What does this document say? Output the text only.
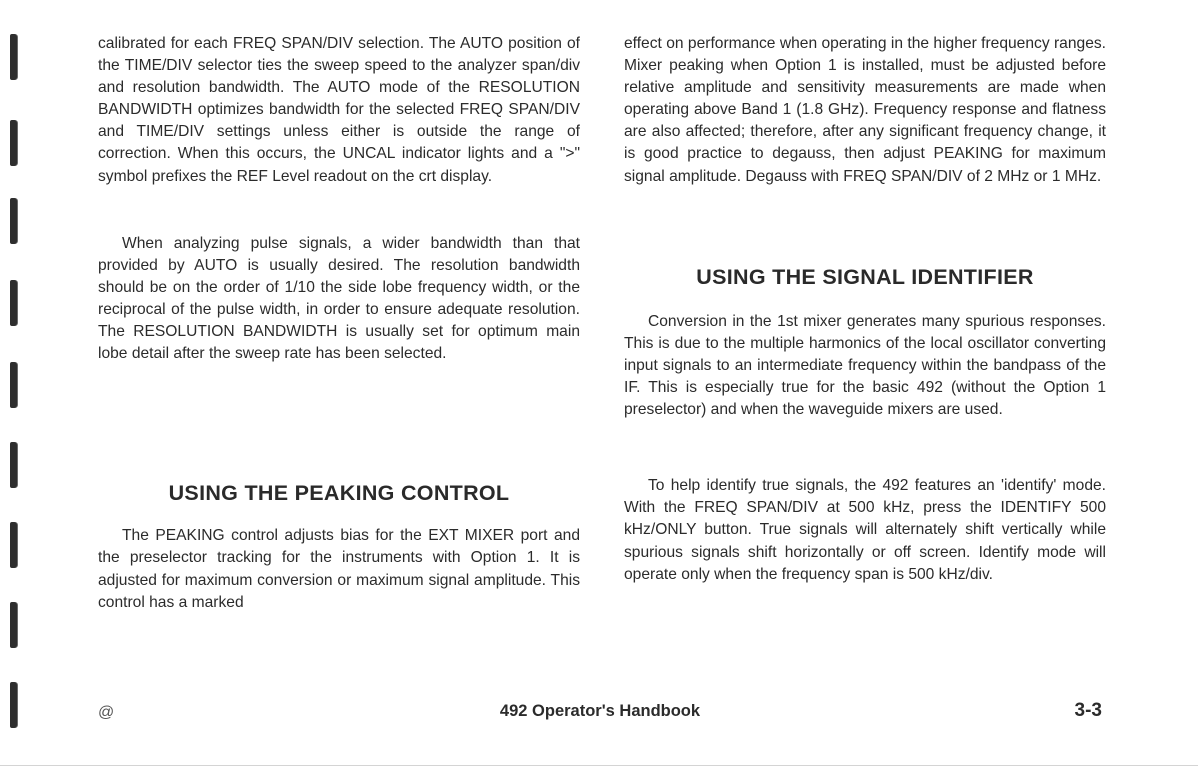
calibrated for each FREQ SPAN/DIV selection. The AUTO position of the TIME/DIV selector ties the sweep speed to the analyzer span/div and resolution bandwidth. The AUTO mode of the RESOLUTION BANDWIDTH optimizes bandwidth for the selected FREQ SPAN/DIV and TIME/DIV settings unless either is outside the range of correction. When this occurs, the UNCAL indicator lights and a ">" symbol prefixes the REF Level readout on the crt display.

When analyzing pulse signals, a wider bandwidth than that provided by AUTO is usually desired. The resolution bandwidth should be on the order of 1/10 the side lobe frequency width, or the reciprocal of the pulse width, in order to ensure adequate resolution. The RESOLUTION BANDWIDTH is usually set for optimum main lobe detail after the sweep rate has been selected.

USING THE PEAKING CONTROL

The PEAKING control adjusts bias for the EXT MIXER port and the preselector tracking for the instruments with Option 1. It is adjusted for maximum conversion or maximum signal amplitude. This control has a marked

effect on performance when operating in the higher frequency ranges. Mixer peaking when Option 1 is installed, must be adjusted before relative amplitude and sensitivity measurements are made when operating above Band 1 (1.8 GHz). Frequency response and flatness are also affected; therefore, after any significant frequency change, it is good practice to degauss, then adjust PEAKING for maximum signal amplitude. Degauss with FREQ SPAN/DIV of 2 MHz or 1 MHz.

USING THE SIGNAL IDENTIFIER

Conversion in the 1st mixer generates many spurious responses. This is due to the multiple harmonics of the local oscillator converting input signals to an intermediate frequency within the bandpass of the IF. This is especially true for the basic 492 (without the Option 1 preselector) and when the waveguide mixers are used.

To help identify true signals, the 492 features an 'identify' mode. With the FREQ SPAN/DIV at 500 kHz, press the IDENTIFY 500 kHz/ONLY button. True signals will alternately shift vertically while spurious signals shift horizontally or off screen. Identify mode will operate only when the frequency span is 500 kHz/div.

@	492 Operator's Handbook	3-3
